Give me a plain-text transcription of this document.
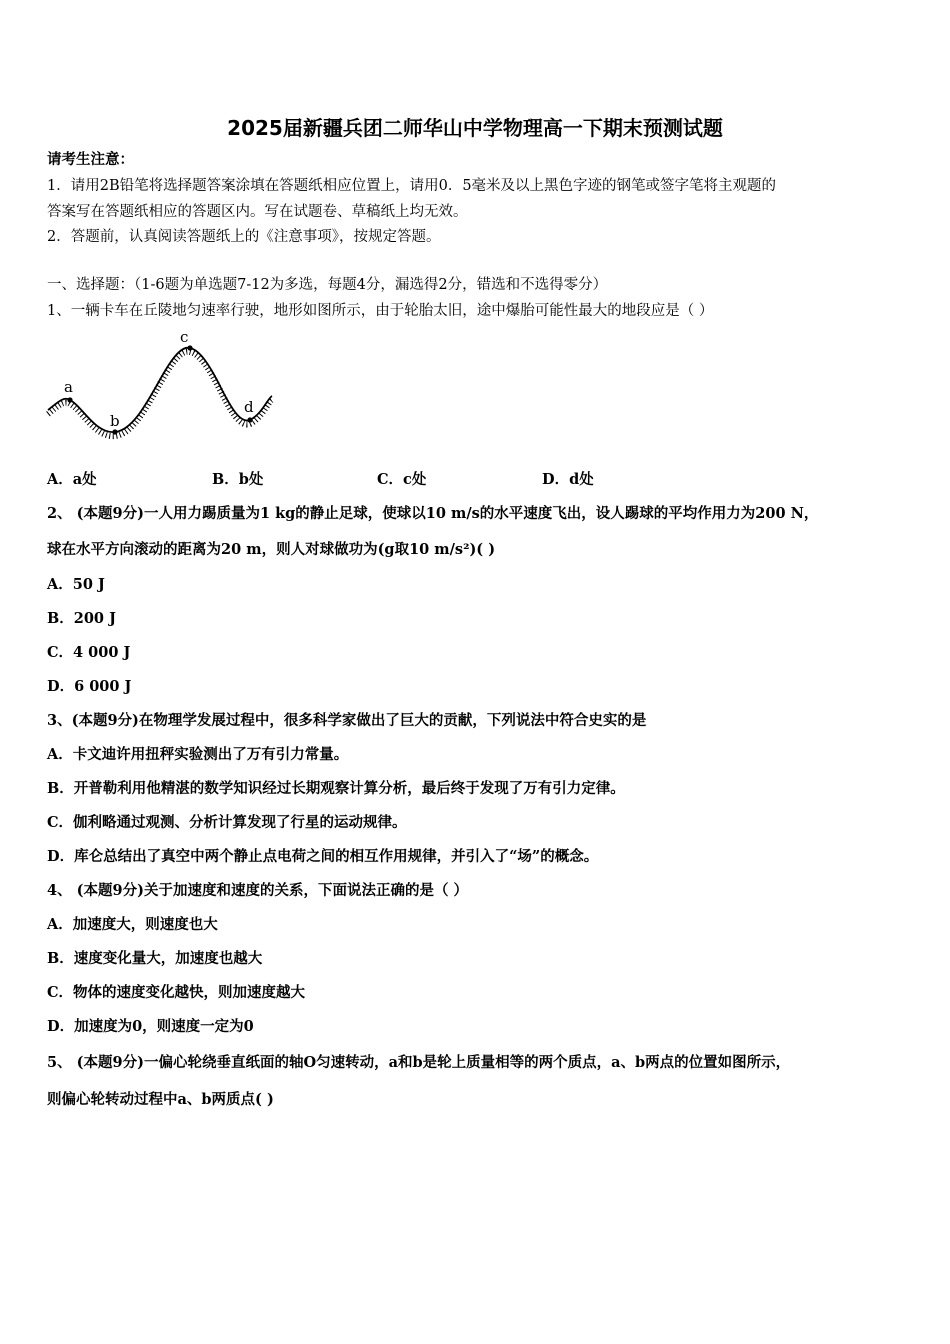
2025届新疆兵团二师华山中学物理高一下期末预测试题
请考生注意：
1．请用2B铅笔将选择题答案涂填在答题纸相应位置上，请用0．5毫米及以上黑色字迹的钢笔或签字笔将主观题的
答案写在答题纸相应的答题区内。写在试题卷、草稿纸上均无效。
2．答题前，认真阅读答题纸上的《注意事项》，按规定答题。
一、选择题：（1-6题为单选题7-12为多选，每题4分，漏选得2分，错选和不选得零分）
1、一辆卡车在丘陵地匀速率行驶，地形如图所示，由于轮胎太旧，途中爆胎可能性最大的地段应是（ ）
a
b
c
d
A．a处	B．b处	C．c处	D．d处
2、 (本题9分)一人用力踢质量为1 kg的静止足球，使球以10 m/s的水平速度飞出，设人踢球的平均作用力为200 N，
球在水平方向滚动的距离为20 m，则人对球做功为(g取10 m/s²)( )
A．50 J
B．200 J
C．4 000 J
D．6 000 J
3、(本题9分)在物理学发展过程中，很多科学家做出了巨大的贡献，下列说法中符合史实的是
A．卡文迪许用扭秤实验测出了万有引力常量。
B．开普勒利用他精湛的数学知识经过长期观察计算分析，最后终于发现了万有引力定律。
C．伽利略通过观测、分析计算发现了行星的运动规律。
D．库仑总结出了真空中两个静止点电荷之间的相互作用规律，并引入了“场”的概念。
4、 (本题9分)关于加速度和速度的关系，下面说法正确的是（ ）
A．加速度大，则速度也大
B．速度变化量大，加速度也越大
C．物体的速度变化越快，则加速度越大
D．加速度为0，则速度一定为0
5、 (本题9分)一偏心轮绕垂直纸面的轴O匀速转动，a和b是轮上质量相等的两个质点，a、b两点的位置如图所示，
则偏心轮转动过程中a、b两质点( )
